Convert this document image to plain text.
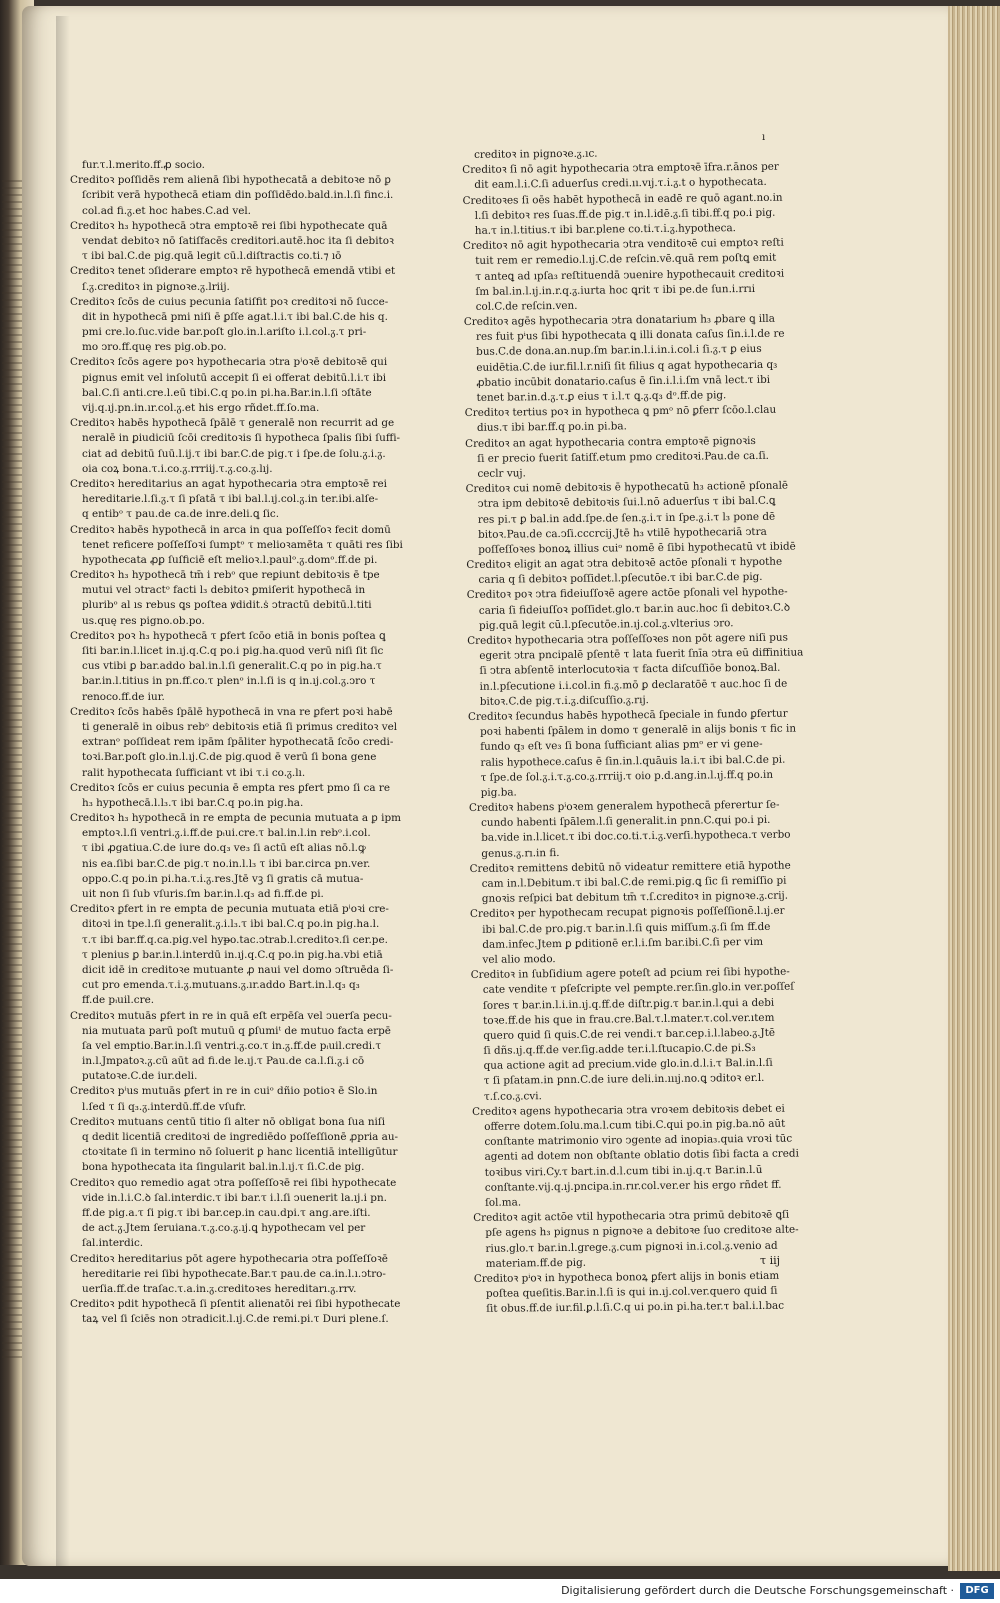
ı
fur.τ.l.merito.ff.ꝓ socio.
Creditoꝛ poſſidēs rem alienā ſibi hypothecatā a debitoꝛe nō ꝑ
ſcribit verā hypothecā etiam din poſſidēdo.bald.in.l.ſi finc.i.
col.ad fi.ᵹ.et hoc habes.C.ad vel.
Creditoꝛ h₃ hypothecā ↄtra emptoꝛē rei ſibi hypothecate quā
vendat debitoꝛ nō ſatiſfacēs creditori.autē.hoc ita ſi debitoꝛ
τ ibi bal.C.de pig.quā legit cū.l.diſtractis co.ti.⁊ ıō
Creditoꝛ tenet ↄſiderare emptoꝛ rē hypothecā emendā vtibi et
ſ.ᵹ.creditoꝛ in pignoꝛe.ᵹ.lriij.
Creditoꝛ ſcōs de cuius pecunia ſatiſfit poꝛ creditoꝛi nō ſucce-
dit in hypothecā pmi niſi ē ꝑſſe agat.l.i.τ ibi bal.C.de his q.
pmi cre.lo.ſuc.vide bar.poſt glo.in.l.ariſto i.l.col.ᵹ.τ pri-
mo ↄro.ff.quę res pig.ob.po.
Creditoꝛ ſcōs agere poꝛ hypothecaria ↄtra pⁱoꝛē debitoꝛē qui
pignus emit vel inſolutū accepit ſi ei offerat debitū.l.i.τ ibi
bal.C.ſi anti.cre.l.eū tibi.C.q po.in pi.ha.Bar.in.l.ſi ↄſtāte
vij.q.ıj.pn.in.ır.col.ᵹ.et his ergo rñdet.ff.ſo.ma.
Creditoꝛ habēs hypothecā ſpālē τ generalē non recurrit ad ge
neralē in ꝑiudiciū ſcōi creditoꝛis ſi hypotheca ſpalis ſibi ſuffi-
ciat ad debitū ſuū.l.ij.τ ibi bar.C.de pig.τ i ſpe.de ſolu.ᵹ.i.ᵹ.
oia coꝝ bona.τ.i.co.ᵹ.rrriij.τ.ᵹ.co.ᵹ.lıj.
Creditoꝛ hereditarius an agat hypothecaria ↄtra emptoꝛē rei
hereditarie.l.ſi.ᵹ.τ ſi pſatā τ ibi bal.l.ıj.col.ᵹ.in ter.ibi.alſe-
q entibᵒ τ pau.de ca.de inre.deli.ꝗ ſic.
Creditoꝛ habēs hypothecā in arca in qua poſſeſſoꝛ fecit domū
tenet reficere poſſeſſoꝛi ſumptᵒ τ melioꝛamēta τ quāti res ſibi
hypothecata ꝓꝑ ſuſficiē eſt melioꝛ.l.paulᵒ.ᵹ.domᵒ.ff.de pi.
Creditoꝛ h₃ hypothecā tm̄ i rebᵒ que reꝑiunt debitoꝛis ē tpe
mutui vel ↄtractᵒ facti l₃ debitoꝛ ꝑmiſerit hypothecā in
pluribᵒ al ıs rebus ꝗs poſtea ꝟdidit.ṡ ↄtractū debitū.l.titi
us.quę res pigno.ob.po.
Creditoꝛ poꝛ h₃ hypothecā τ ꝑfert ſcōo etiā in bonis poſtea ꝗ
ſiti bar.in.l.licet in.ıj.q.C.q po.i pig.ha.quod verū niſi ſit ſic
cus vtibi ꝑ bar.addo bal.in.l.ſi generalit.C.q po in pig.ha.τ
bar.in.l.titius in pn.ff.co.τ plenᵒ in.l.ſi is q in.ıj.col.ᵹ.ↄro τ
renoco.ff.de iur.
Creditoꝛ ſcōs habēs ſpālē hypothecā in vna re ꝑfert poꝛi habē
ti generalē in oibus rebᵒ debitoꝛis etiā ſi primus creditoꝛ vel
extranᵒ poſſideat rem ipām ſpāliter hypothecatā ſcōo credi-
toꝛi.Bar.poſt glo.in.l.ıj.C.de pig.quod ē verū ſi bona gene
ralit hypothecata ſufficiant vt ibi τ.ı̇ co.ᵹ.lı.
Creditoꝛ ſcōs er cuius pecunia ē empta res ꝑfert pmo ſi ca re
h₃ hypothecā.l.l₃.τ ibi bar.C.q po.in pig.ha.
Creditoꝛ h₃ hypothecā in re empta de pecunia mutuata a ꝑ ipm
emptoꝛ.l.ſi ventri.ᵹ.i.ff.de pᵢui.cre.τ bal.in.l.in rebᵒ.i.col.
τ ibi ꝓgatiua.C.de iure do.q₃ ve₃ ſi actū eſt alias nō.l.ꝙ
nis ea.ſibi bar.C.de pig.τ no.in.l.l₃ τ ibi bar.circa pn.ver.
oppo.C.q po.in pi.ha.τ.ı̇.ᵹ.res.Jtē vꝫ ſi gratis cā mutua-
uit non ſi ſub vſuris.ſm bar.in.l.q₃ ad fi.ff.de pi.
Creditoꝛ ꝑfert in re empta de pecunia mutuata etiā pⁱoꝛi cre-
ditoꝛi in tpe.l.ſi generalit.ᵹ.i.l₃.τ ibi bal.C.q po.in pig.ha.l.
τ.τ ibi bar.ff.q.ca.pig.vel hyᵽo.tac.ↄtrab.l.creditoꝛ.ſi cer.pe.
τ plenius ꝑ bar.in.l.interdū in.ıj.q.C.q po.in pig.ha.vbi etiā
dicit idē in creditoꝛe mutuante ꝓ naui vel domo ↄſtruēda ſi-
cut pro emenda.τ.ı̇.ᵹ.mutuans.ᵹ.ır.addo Bart.in.l.q₃ q₃
ff.de pᵢuil.cre.
Creditoꝛ mutuās ꝑfert in re in quā eſt erpēſa vel ↄuerſa pecu-
nia mutuata parū poſt mutuū q ꝑſumiᵗ de mutuo facta erpē
ſa vel emptio.Bar.in.l.ſi ventri.ᵹ.co.τ in.ᵹ.ff.de pᵢuil.credi.τ
in.l.Jmpatoꝛ.ᵹ.cū aūt ad fi.de le.ıj.τ Pau.de ca.l.ſi.ᵹ.i cō
putatoꝛe.C.de iur.deli.
Creditoꝛ pⁱus mutuās ꝑfert in re in cuiᵒ dñio potioꝛ ē Slo.in
l.ſed τ ſi q₃.ᵹ.interdū.ff.de vſufr.
Creditoꝛ mutuans centū titio ſi alter nō obligat bona ſua niſi
q dedit licentiā creditoꝛi de ingrediēdo poſſeſſionē ꝓpria au-
ctoꝛitate ſi in termino nō ſoluerit ꝑ hanc licentiā intelligūtur
bona hypothecata ita ſingularit bal.in.l.ıj.τ ſi.C.de pig.
Creditoꝛ quo remedio agat ↄtra poſſeſſoꝛē rei ſibi hypothecate
vide in.l.i.C.ꝺ ſal.interdic.τ ibi bar.τ i.l.ſi ↄuenerit la.ıj.i pn.
ff.de pig.a.τ ſi pig.τ ibi bar.cep.in cau.dpi.τ ang.are.iſti.
de act.ᵹ.Jtem ſeruiana.τ.ᵹ.co.ᵹ.ıj.ꝗ hypothecam vel per
ſal.interdic.
Creditoꝛ hereditarius pōt agere hypothecaria ↄtra poſſeſſoꝛē
hereditarie rei ſibi hypothecate.Bar.τ pau.de ca.in.l.ı.ↄtro-
uerſia.ff.de traſac.τ.a.in.ᵹ.creditoꝛes hereditarı.ᵹ.rrv.
Creditoꝛ pdit hypothecā ſi pſentit alienatōi rei ſibi hypothecate
taꝝ vel ſi ſciēs non ↄtradicit.l.ıj.C.de remi.pi.τ Duri plene.ſ.
creditoꝛ in pignoꝛe.ᵹ.ıc.
Creditoꝛ ſi nō agit hypothecaria ↄtra emptoꝛē īfra.r.ānos per
dit eam.l.i.C.ſi aduerſus credi.ıı.vıj.τ.ı̇.ᵹ.t o hypothecata.
Creditoꝛes ſi oēs habēt hypothecā in eadē re quō agant.no.in
l.ſi debitoꝛ res ſuas.ff.de pig.τ in.l.idē.ᵹ.ſi tibi.ff.q po.i pig.
ha.τ in.l.titius.τ ibi bar.plene co.ti.τ.ı̇.ᵹ.hypotheca.
Creditoꝛ nō agit hypothecaria ↄtra venditoꝛē cui emptoꝛ reſti
tuit rem er remedio.l.ıj.C.de reſcin.vē.quā rem poſtꝗ emit
τ anteꝗ ad ıpſa₃ reſtituendā ↄuenire hypothecauit creditoꝛi
ſm bal.in.l.ıj.in.r.q.ᵹ.iurta hoc ꝗrit τ ibi pe.de ſun.i.rrıi
col.C.de reſcin.ven.
Creditoꝛ agēs hypothecaria ↄtra donatarium h₃ ꝓbare ꝗ illa
res fuit pⁱus ſibi hypothecata ꝗ illi donata caſus ſin.i.l.de re
bus.C.de dona.an.nup.ſm bar.in.l.i.in.i.col.i ſi.ᵹ.τ ꝑ eius
euidētia.C.de iur.fil.l.r.niſi ſit filius q agat hypothecaria q₃
ꝓbatio incūbit donatario.caſus ē ſin.i.l.i.ſm vnā lect.τ ibi
tenet bar.in.d.ᵹ.τ.ꝑ eius τ i.l.τ ꝗ.ᵹ.q₃ dᵒ.ff.de pig.
Creditoꝛ tertius poꝛ in hypotheca ꝗ pmᵒ nō ꝑferr ſcōo.l.clau
dius.τ ibi bar.ff.q po.in pi.ba.
Creditoꝛ an agat hypothecaria contra emptoꝛē pignoꝛis
ſi er precio fuerit ſatiſf.etum pmo creditoꝛi.Pau.de ca.ſi.
ceclr vuj.
Creditoꝛ cui nomē debitoꝛis ē hypothecatū h₃ actionē pſonalē
ↄtra ipm debitoꝛē debitoꝛis ſui.l.nō aduerſus τ ibi bal.C.ꝗ
res pi.τ ꝑ bal.in add.ſpe.de ſen.ᵹ.i.τ in ſpe.ᵹ.i.τ l₃ pone dē
bitoꝛ.Pau.de ca.ↄſi.cccrcij.Jtē h₃ vtilē hypothecariā ↄtra
poſſeſſoꝛes bonoꝝ illius cuiᵒ nomē ē ſibi hypothecatū vt ibidē
Creditoꝛ eligit an agat ↄtra debitoꝛē actōe pſonali τ hypothe
caria q ſi debitoꝛ poſſidet.l.pſecutōe.τ ibi bar.C.de pig.
Creditoꝛ poꝛ ↄtra fideiuſſoꝛē agere actōe pſonali vel hypothe-
caria ſi fideiuſſoꝛ poſſidet.glo.τ bar.in auc.hoc ſi debitoꝛ.C.ꝺ
pig.quā legit cū.l.pſecutōe.in.ıj.col.ᵹ.vlterius ↄro.
Creditoꝛ hypothecaria ↄtra poſſeſſoꝛes non pōt agere niſi pus
egerit ↄtra pncipalē pſentē τ lata fuerit ſnīa ↄtra eū diffinitiua
ſi ↄtra abſentē interlocutoꝛia τ facta diſcuſſiōe bonoꝝ.Bal.
in.l.pſecutione i.i.col.in fi.ᵹ.mō ꝑ declaratōē τ auc.hoc ſi de
bitoꝛ.C.de pig.τ.ı̇.ᵹ.diſcuſſio.ᵹ.rıj.
Creditoꝛ ſecundus habēs hypothecā ſpeciale in fundo ꝑfertur
poꝛi habenti ſpālem in domo τ generalē in alijs bonis τ fic in
fundo q₃ eſt ve₃ ſi bona ſufficiant alias pmᵒ er vi gene-
ralis hypothece.caſus ē ſin.in.l.quāuis la.i.τ ibi bal.C.de pi.
τ ſpe.de ſol.ᵹ.i.τ.ᵹ.co.ᵹ.rrriij.τ oio p.d.ang.in.l.ıj.ff.q po.in
pig.ba.
Creditoꝛ habens pⁱoꝛem generalem hypothecā pferertur ſe-
cundo habenti ſpālem.l.ſi generalit.in pnn.C.qui po.i pi.
ba.vide in.l.licet.τ ibi doc.co.ti.τ.ı̇.ᵹ.verſi.hypotheca.τ verbo
genus.ᵹ.rı.in fi.
Creditoꝛ remittens debitū nō videatur remittere etiā hypothe
cam in.l.Debitum.τ ibi bal.C.de remi.pig.ꝗ ſic ſi remiſſio pi
gnoꝛis reſpici bat debitum tm̄ τ.ſ.creditoꝛ in pignoꝛe.ᵹ.crij.
Creditoꝛ per hypothecam recupat pignoꝛis poſſeſſionē.l.ıj.er
ibi bal.C.de pro.pig.τ bar.in.l.ſi quis miſſum.ᵹ.ſi ſm ff.de
dam.infec.Jtem ꝑ ꝑditionē er.l.i.ſm bar.ibi.C.ſi per vim
vel alio modo.
Creditoꝛ in ſubſidium agere poteſt ad pcium rei ſibi hypothe-
cate vendite τ pſeſcripte vel pempte.rer.ſin.glo.in ver.poſſeſ
ſores τ bar.in.l.i.in.ıj.q.ff.de diſtr.pig.τ bar.in.l.qui a debi
toꝛe.ff.de his que in frau.cre.Bal.τ.l.mater.τ.col.ver.ıtem
quero quid ſi quis.C.de rei vendi.τ bar.cep.i.l.labeo.ᵹ.Jtē
ſi dñs.ıj.q.ff.de ver.ſig.adde ter.i.l.ſtucapio.C.de pi.S₃
qua actione agit ad precium.vide glo.in.d.l.i.τ Bal.in.l.ſi
τ ſi pſatam.in pnn.C.de iure deli.in.ıııj.no.ꝗ ↄditoꝛ er.l.
τ.ſ.co.ᵹ.cvi.
Creditoꝛ agens hypothecaria ↄtra vroꝛem debitoꝛis debet ei
offerre dotem.ſolu.ma.l.cum tibi.C.qui po.in pig.ba.nō aūt
conſtante matrimonio viro ↄgente ad inopia₃.quia vroꝛi tūc
agenti ad dotem non obſtante oblatio dotis ſibi facta a credi
toꝛibus viri.Cy.τ bart.in.d.l.cum tibi in.ıj.q.τ Bar.in.l.ū
conſtante.vij.q.ıj.pncipa.in.rır.col.ver.er his ergo rñdet ff.
ſol.ma.
Creditoꝛ agit actōe vtil hypothecaria ↄtra primū debitoꝛē ꝗſi
pſe agens h₃ pignus n pignoꝛe a debitoꝛe ſuo creditoꝛe alte-
rius.glo.τ bar.in.l.grege.ᵹ.cum pignoꝛi in.i.col.ᵹ.venio ad
materiam.ff.de pig.
Creditoꝛ pⁱoꝛ in hypotheca bonoꝝ ꝑfert alijs in bonis etiam
poſtea queſitis.Bar.in.l.ſi is qui in.ıj.col.ver.quero quid ſi
ſit obus.ff.de iur.fil.ꝑ.l.ſi.C.q ui po.in pi.ha.ter.τ bal.i.l.bac
τ iij
Digitalisierung gefördert durch die Deutsche Forschungsgemeinschaft ·	DFG
